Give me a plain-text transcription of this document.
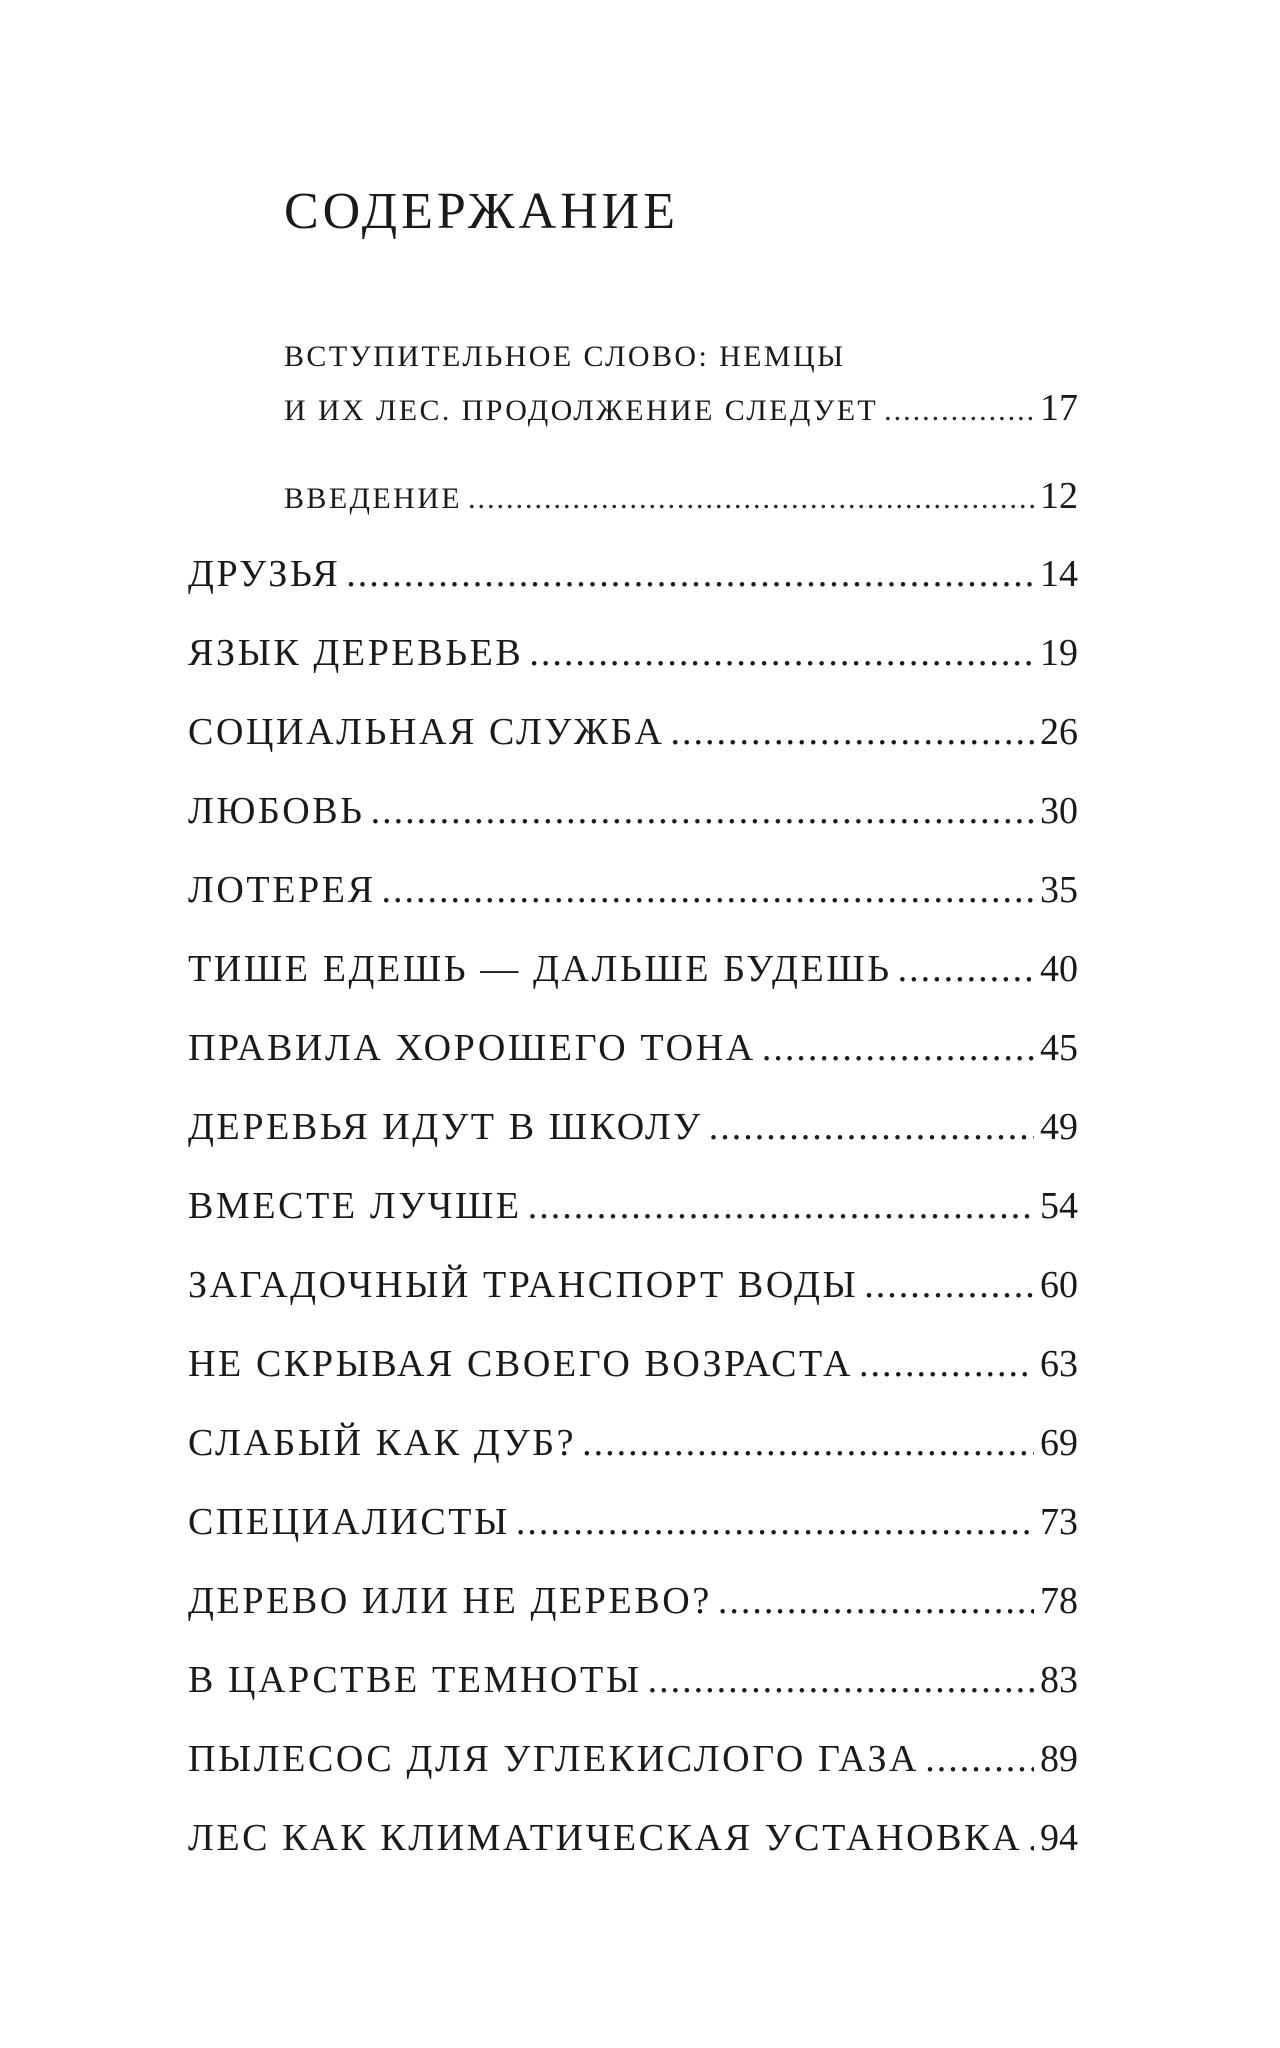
СОДЕРЖАНИЕ
ВСТУПИТЕЛЬНОЕ СЛОВО: НЕМЦЫ
И ИХ ЛЕС. ПРОДОЛЖЕНИЕ СЛЕДУЕТ .....	17
ВВЕДЕНИЕ .....	12
ДРУЗЬЯ .....	14
ЯЗЫК ДЕРЕВЬЕВ .....	19
СОЦИАЛЬНАЯ СЛУЖБА .....	26
ЛЮБОВЬ .....	30
ЛОТЕРЕЯ .....	35
ТИШЕ ЕДЕШЬ — ДАЛЬШЕ БУДЕШЬ .....	40
ПРАВИЛА ХОРОШЕГО ТОНА .....	45
ДЕРЕВЬЯ ИДУТ В ШКОЛУ .....	49
ВМЕСТЕ ЛУЧШЕ .....	54
ЗАГАДОЧНЫЙ ТРАНСПОРТ ВОДЫ .....	60
НЕ СКРЫВАЯ СВОЕГО ВОЗРАСТА .....	63
СЛАБЫЙ КАК ДУБ? .....	69
СПЕЦИАЛИСТЫ .....	73
ДЕРЕВО ИЛИ НЕ ДЕРЕВО? .....	78
В ЦАРСТВЕ ТЕМНОТЫ .....	83
ПЫЛЕСОС ДЛЯ УГЛЕКИСЛОГО ГАЗА .....	89
ЛЕС КАК КЛИМАТИЧЕСКАЯ УСТАНОВКА ..... 94
